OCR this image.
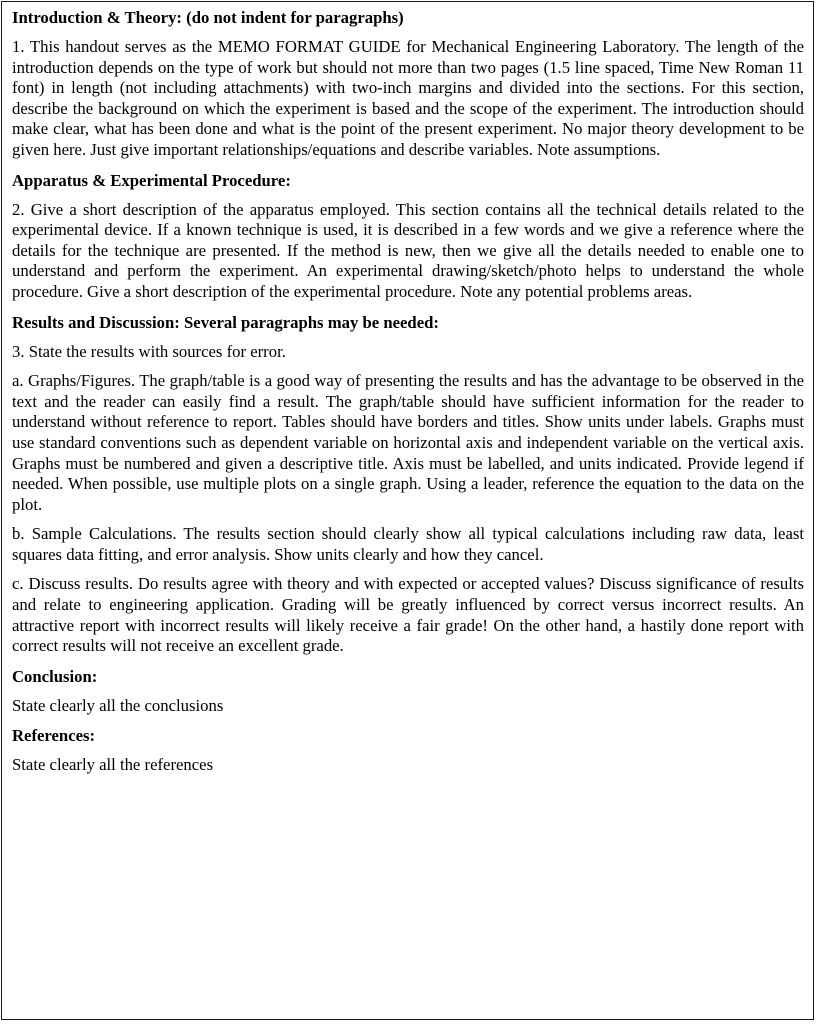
Introduction & Theory: (do not indent for paragraphs)

1. This handout serves as the MEMO FORMAT GUIDE for Mechanical Engineering Laboratory. The length of the introduction depends on the type of work but should not more than two pages (1.5 line spaced, Time New Roman 11 font) in length (not including attachments) with two-inch margins and divided into the sections. For this section, describe the background on which the experiment is based and the scope of the experiment. The introduction should make clear, what has been done and what is the point of the present experiment. No major theory development to be given here. Just give important relationships/equations and describe variables. Note assumptions.

Apparatus & Experimental Procedure:

2. Give a short description of the apparatus employed. This section contains all the technical details related to the experimental device. If a known technique is used, it is described in a few words and we give a reference where the details for the technique are presented. If the method is new, then we give all the details needed to enable one to understand and perform the experiment. An experimental drawing/sketch/photo helps to understand the whole procedure. Give a short description of the experimental procedure. Note any potential problems areas.

Results and Discussion: Several paragraphs may be needed:

3. State the results with sources for error.

a. Graphs/Figures. The graph/table is a good way of presenting the results and has the advantage to be observed in the text and the reader can easily find a result. The graph/table should have sufficient information for the reader to understand without reference to report. Tables should have borders and titles. Show units under labels. Graphs must use standard conventions such as dependent variable on horizontal axis and independent variable on the vertical axis. Graphs must be numbered and given a descriptive title. Axis must be labelled, and units indicated. Provide legend if needed. When possible, use multiple plots on a single graph. Using a leader, reference the equation to the data on the plot.

b. Sample Calculations. The results section should clearly show all typical calculations including raw data, least squares data fitting, and error analysis. Show units clearly and how they cancel.

c. Discuss results. Do results agree with theory and with expected or accepted values? Discuss significance of results and relate to engineering application. Grading will be greatly influenced by correct versus incorrect results. An attractive report with incorrect results will likely receive a fair grade! On the other hand, a hastily done report with correct results will not receive an excellent grade.

Conclusion:

State clearly all the conclusions

References:

State clearly all the references
